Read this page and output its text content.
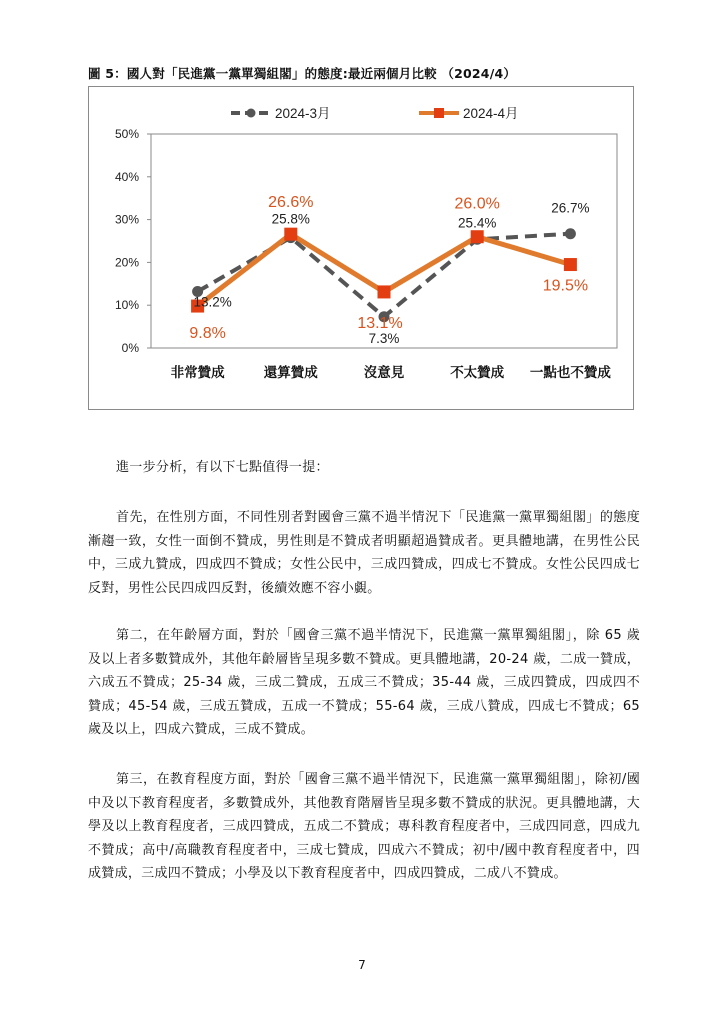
圖 5：國人對「民進黨一黨單獨組閣」的態度:最近兩個月比較 （2024/4）
0%
10%
20%
30%
40%
50%
非常贊成	還算贊成	沒意見	不太贊成 一點也不贊成
2024-3月	2024-4月
13.2%
25.8%
7.3%
25.4%
26.7%
9.8%
26.6%
13.1%
26.0%
19.5%
進一步分析，有以下七點值得一提：
首先，在性別方面，不同性別者對國會三黨不過半情況下「民進黨一黨單獨組閣」的態度漸趨一致，女性一面倒不贊成，男性則是不贊成者明顯超過贊成者。更具體地講，在男性公民中，三成九贊成，四成四不贊成；女性公民中，三成四贊成，四成七不贊成。女性公民四成七反對，男性公民四成四反對，後續效應不容小覷。
第二，在年齡層方面，對於「國會三黨不過半情況下，民進黨一黨單獨組閣」，除 65 歲及以上者多數贊成外，其他年齡層皆呈現多數不贊成。更具體地講，20-24 歲，二成一贊成，六成五不贊成；25-34 歲，三成二贊成，五成三不贊成；35-44 歲，三成四贊成，四成四不贊成；45-54 歲，三成五贊成，五成一不贊成；55-64 歲，三成八贊成，四成七不贊成；65 歲及以上，四成六贊成，三成不贊成。
第三，在教育程度方面，對於「國會三黨不過半情況下，民進黨一黨單獨組閣」，除初/國中及以下教育程度者，多數贊成外，其他教育階層皆呈現多數不贊成的狀況。更具體地講，大學及以上教育程度者，三成四贊成，五成二不贊成；專科教育程度者中，三成四同意，四成九不贊成；高中/高職教育程度者中，三成七贊成，四成六不贊成；初中/國中教育程度者中，四成贊成，三成四不贊成；小學及以下教育程度者中，四成四贊成，二成八不贊成。
7
